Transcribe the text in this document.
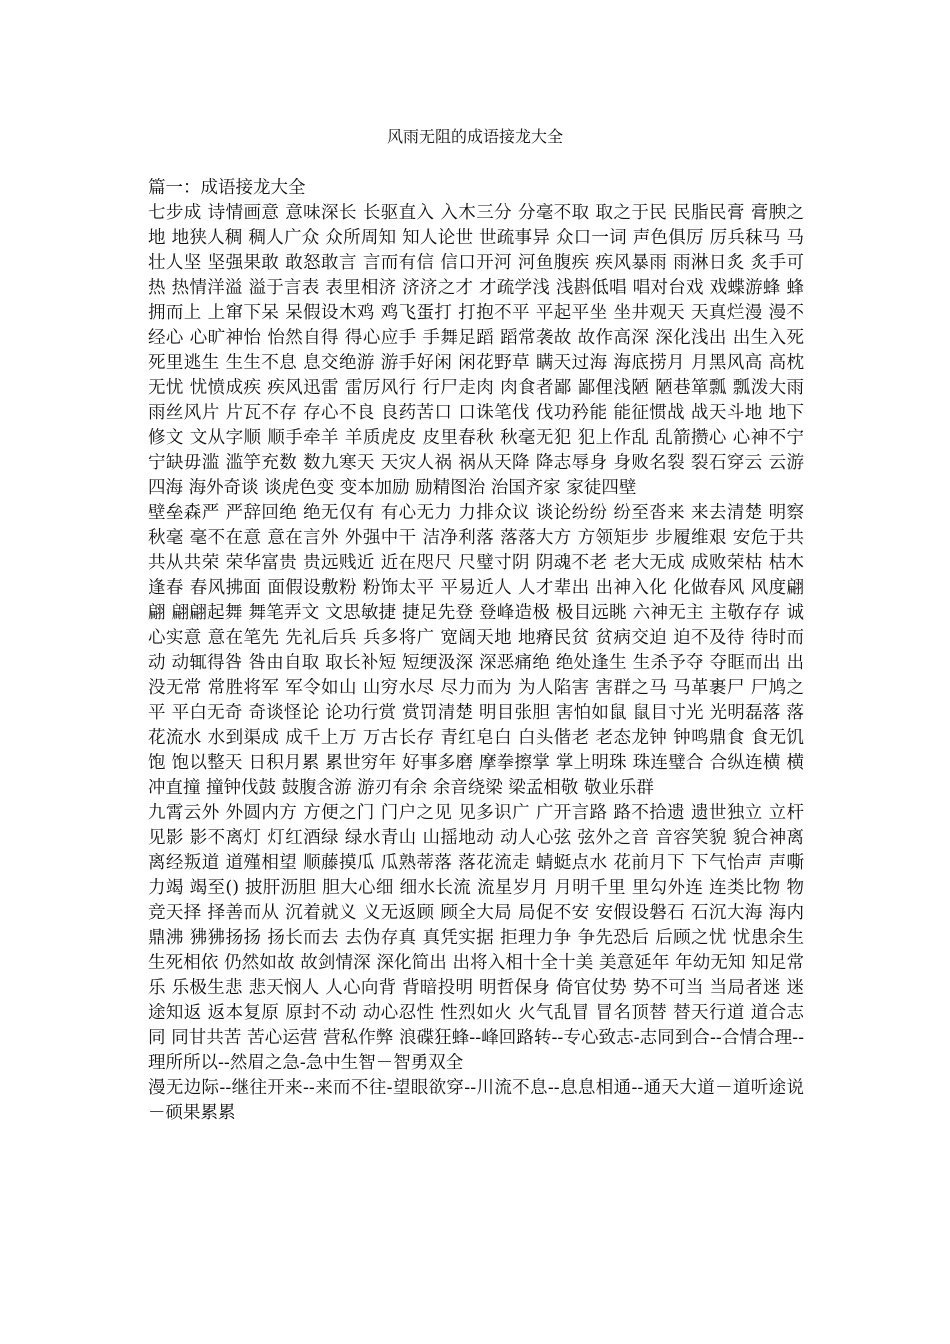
风雨无阻的成语接龙大全

篇一：成语接龙大全

七步成 诗情画意 意味深长 长驱直入 入木三分 分毫不取 取之于民 民脂民膏 膏腴之地 地狭人稠 稠人广众 众所周知 知人论世 世疏事异 众口一词 声色俱厉 厉兵秣马 马壮人坚 坚强果敢 敢怒敢言 言而有信 信口开河 河鱼腹疾 疾风暴雨 雨淋日炙 炙手可热 热情洋溢 溢于言表 表里相济 济济之才 才疏学浅 浅斟低唱 唱对台戏 戏蝶游蜂 蜂拥而上 上窜下呆 呆假设木鸡 鸡飞蛋打 打抱不平 平起平坐 坐井观天 天真烂漫 漫不经心 心旷神怡 怡然自得 得心应手 手舞足蹈 蹈常袭故 故作高深 深化浅出 出生入死 死里逃生 生生不息 息交绝游 游手好闲 闲花野草 瞒天过海 海底捞月 月黑风高 高枕无忧 忧愤成疾 疾风迅雷 雷厉风行 行尸走肉 肉食者鄙 鄙俚浅陋 陋巷箪瓢 瓢泼大雨 雨丝风片 片瓦不存 存心不良 良药苦口 口诛笔伐 伐功矜能 能征惯战 战天斗地 地下修文 文从字顺 顺手牵羊 羊质虎皮 皮里春秋 秋毫无犯 犯上作乱 乱箭攒心 心神不宁 宁缺毋滥 滥竽充数 数九寒天 天灾人祸 祸从天降 降志辱身 身败名裂 裂石穿云 云游四海 海外奇谈 谈虎色变 变本加励 励精图治 治国齐家 家徒四壁

壁垒森严 严辞回绝 绝无仅有 有心无力 力排众议 谈论纷纷 纷至沓来 来去清楚 明察秋毫 毫不在意 意在言外 外强中干 洁净利落 落落大方 方领矩步 步履维艰 安危于共 共从共荣 荣华富贵 贵远贱近 近在咫尺 尺璧寸阴 阴魂不老 老大无成 成败荣枯 枯木逢春 春风拂面 面假设敷粉 粉饰太平 平易近人 人才辈出 出神入化 化做春风 风度翩翩 翩翩起舞 舞笔弄文 文思敏捷 捷足先登 登峰造极 极目远眺 六神无主 主敬存存 诚心实意 意在笔先 先礼后兵 兵多将广 宽阔天地 地瘠民贫 贫病交迫 迫不及待 待时而动 动辄得咎 咎由自取 取长补短 短绠汲深 深恶痛绝 绝处逢生 生杀予夺 夺眶而出 出没无常 常胜将军 军令如山 山穷水尽 尽力而为 为人陷害 害群之马 马革裹尸 尸鸠之平 平白无奇 奇谈怪论 论功行赏 赏罚清楚 明目张胆 害怕如鼠 鼠目寸光 光明磊落 落花流水 水到渠成 成千上万 万古长存 青红皂白 白头偕老 老态龙钟 钟鸣鼎食 食无饥饱 饱以整天 日积月累 累世穷年 好事多磨 摩拳擦掌 掌上明珠 珠连璧合 合纵连横 横冲直撞 撞钟伐鼓 鼓腹含游 游刃有余 余音绕梁 梁孟相敬 敬业乐群

九霄云外 外圆内方 方便之门 门户之见 见多识广 广开言路 路不拾遗 遗世独立 立杆见影 影不离灯 灯红酒绿 绿水青山 山摇地动 动人心弦 弦外之音 音容笑貌 貌合神离 离经叛道 道殣相望 顺藤摸瓜 瓜熟蒂落 落花流走 蜻蜓点水 花前月下 下气怡声 声嘶力竭 竭至() 披肝沥胆 胆大心细 细水长流 流星岁月 月明千里 里勾外连 连类比物 物竞天择 择善而从 沉着就义 义无返顾 顾全大局 局促不安 安假设磐石 石沉大海 海内鼎沸 狒狒扬扬 扬长而去 去伪存真 真凭实据 拒理力争 争先恐后 后顾之忧 忧患余生 生死相依 仍然如故 故剑情深 深化简出 出将入相十全十美 美意延年 年幼无知 知足常乐 乐极生悲 悲天悯人 人心向背 背暗投明 明哲保身 倚官仗势 势不可当 当局者迷 迷途知返 返本复原 原封不动 动心忍性 性烈如火 火气乱冒 冒名顶替 替天行道 道合志同 同甘共苦 苦心运营 营私作弊 浪碟狂蜂--峰回路转--专心致志-志同到合--合情合理--理所所以--然眉之急-急中生智－智勇双全

漫无边际--继往开来--来而不往-望眼欲穿--川流不息--息息相通--通天大道－道听途说－硕果累累
